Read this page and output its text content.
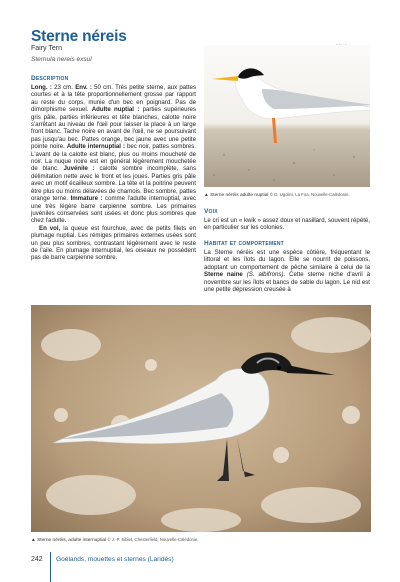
Sterne néreis
Fairy Tern
Sternula nereis exsul
Description
Long. : 23 cm. Env. : 50 cm. Très petite sterne, aux pattes courtes et à la tête proportionnellement grosse par rapport au reste du corps, munie d'un bec en poignard. Pas de dimorphisme sexuel. Adulte nuptial : parties supérieures gris pâle, parties inférieures et tête blanches, calotte noire s'arrêtant au niveau de l'œil pour laisser la place à un large front blanc. Tache noire en avant de l'œil, ne se poursuivant pas jusqu'au bec. Pattes orange, bec jaune avec une petite pointe noire. Adulte internuptial : bec noir, pattes sombres. L'avant de la calotte est blanc, plus ou moins moucheté de noir. La nuque noire est en général légèrement mouchetée de blanc. Juvénile : calotte sombre incomplète, sans délimitation nette avec le front et les joues. Parties gris pâle avec un motif écailleux sombre. La tête et la poitrine peuvent être plus ou moins délavées de chamois. Bec sombre, pattes orange terne. Immature : comme l'adulte internuptial, avec une très légère barre carpienne sombre. Les primaires juvéniles conservées sont usées et donc plus sombres que chez l'adulte.
En vol, la queue est fourchue, avec de petits filets en plumage nuptial. Les rémiges primaires externes usées sont un peu plus sombres, contrastant légèrement avec le reste de l'aile. En plumage internuptial, les oiseaux ne possèdent pas de barre carpienne sombre.
▲ Sterne néréis adulte nuptial © D. Ugolini, La Foa, Nouvelle-Calédonie.
Voix
Le cri est un « kwik » assez doux et nasillard, souvent répété, en particulier sur les colonies.
Habitat et comportement
La Sterne néréis est une espèce côtière, fréquentant le littoral et les îlots du lagon. Elle se nourrit de poissons, adoptant un comportement de pêche similaire à celui de la Sterne naine (S. albifrons). Cette sterne niche d'avril à novembre sur les îlots et bancs de sable du lagon. Le nid est une petite dépression creusée à
▲ Sterne néréis, adulte internuptial © J.-P. Siblet, Chesterfield, Nouvelle-Calédonie.
242 Goélands, mouettes et sternes (Laridés)
